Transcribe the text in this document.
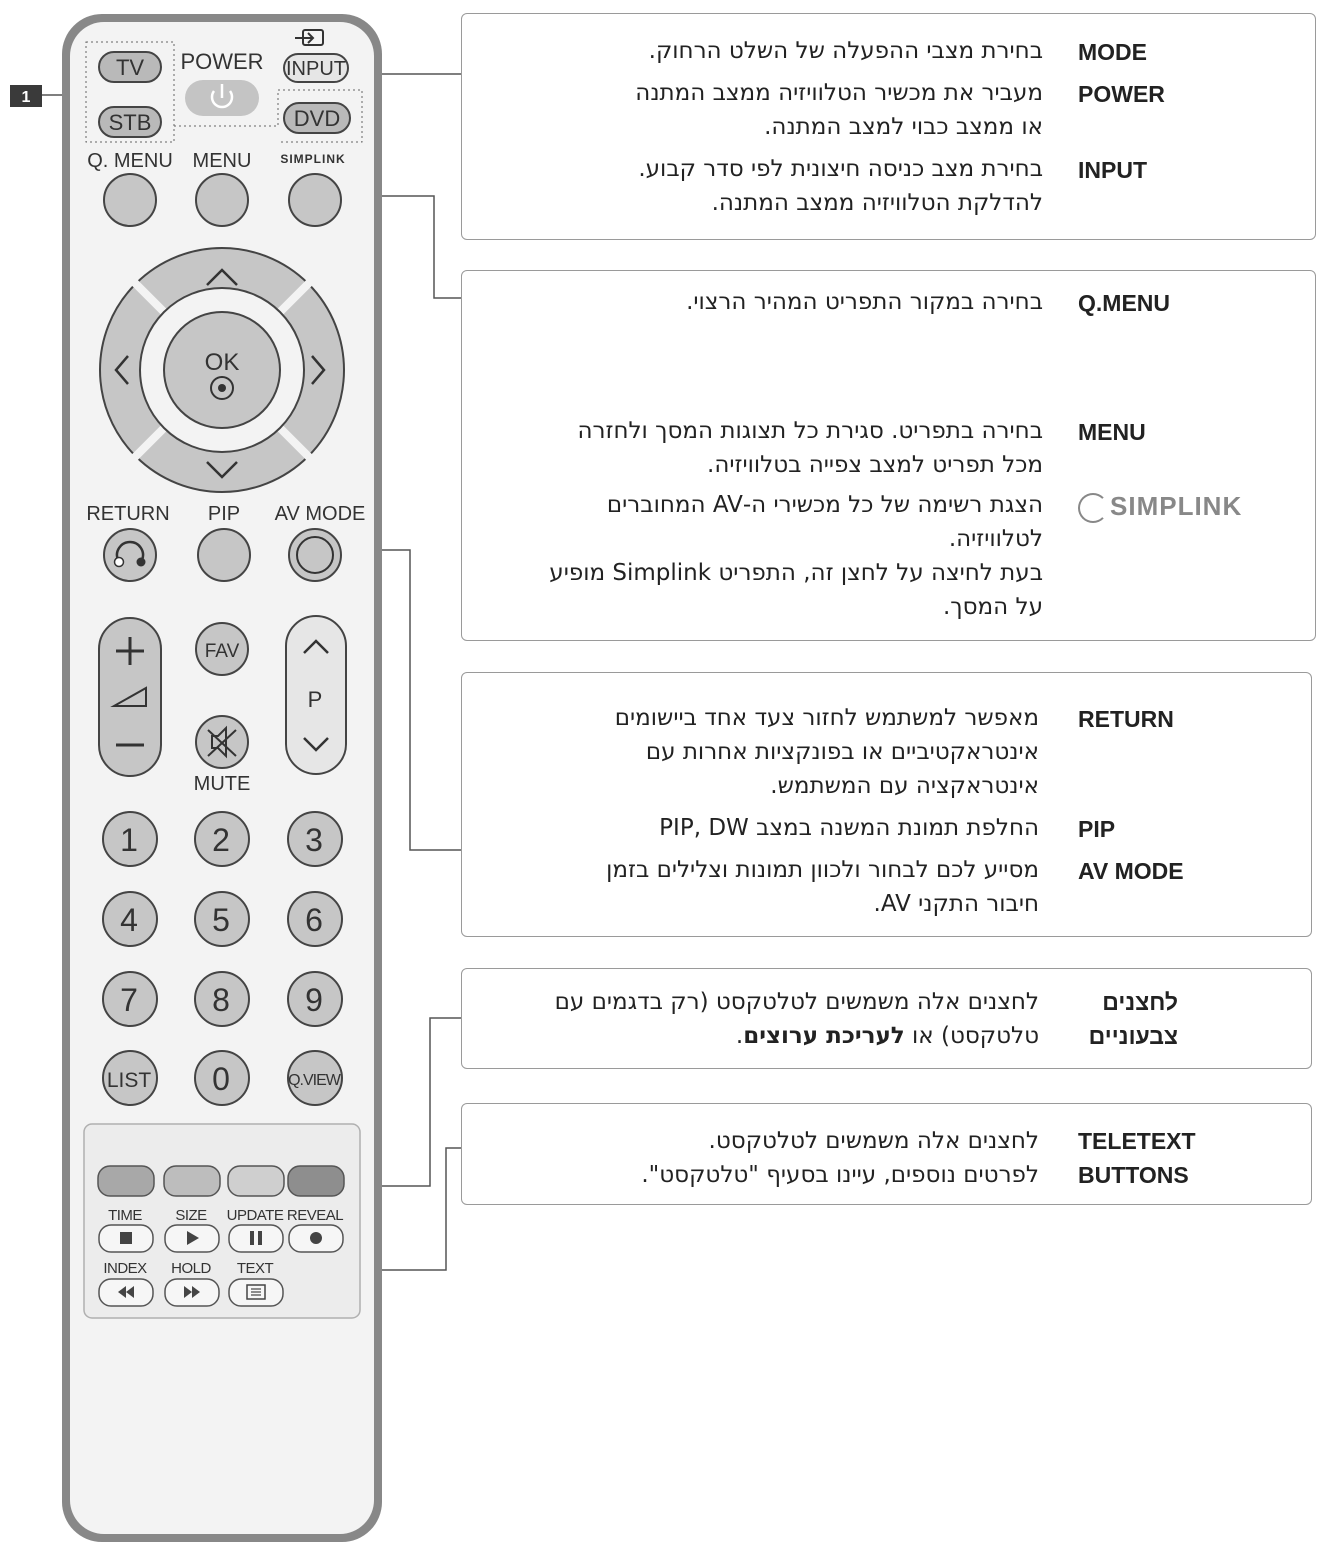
1
TV
STB	DVD
POWER INPUT
Q. MENU MENU SIMPLINK
OK
RETURN PIP AV MODE
FAV
MUTE
P
1 2 3
4 5 6
7 8 9
LIST 0	Q.VIEW
TIME SIZE UPDATE REVEAL
INDEX HOLD TEXT
MODE

בחירת מצבי ההפעלה של השלט הרחוק.

POWER

מעביר את מכשיר הטלוויזיה ממצב המתנה

או ממצב כבוי למצב המתנה.

INPUT

בחירת מצב כניסה חיצונית לפי סדר קבוע.

להדלקת הטלוויזיה ממצב המתנה.

Q.MENU

בחירה במקור התפריט המהיר הרצוי.

MENU

בחירה בתפריט. סגירת כל תצוגות המסך ולחזרה

מכל תפריט למצב צפייה בטלוויזיה.

SIMPLINK

הצגת רשימה של כל מכשירי ה-AV המחוברים

לטלוויזיה.

בעת לחיצה על לחצן זה, התפריט Simplink מופיע

על המסך.

RETURN

מאפשר למשתמש לחזור צעד אחד ביישומים

אינטראקטיביים או בפונקציות אחרות עם

אינטראקציה עם המשתמש.

PIP

החלפת תמונת המשנה במצב PIP, DW

AV MODE

מסייע לכם לבחור ולכוון תמונות וצלילים בזמן

חיבור התקני AV.

לחצנים
צבעוניים

לחצנים אלה משמשים לטלטקסט (רק בדגמים עם

טלטקסט) או לעריכת ערוצים.

TELETEXT
BUTTONS

לחצנים אלה משמשים לטלטקסט.

לפרטים נוספים, עיינו בסעיף "טלטקסט".
